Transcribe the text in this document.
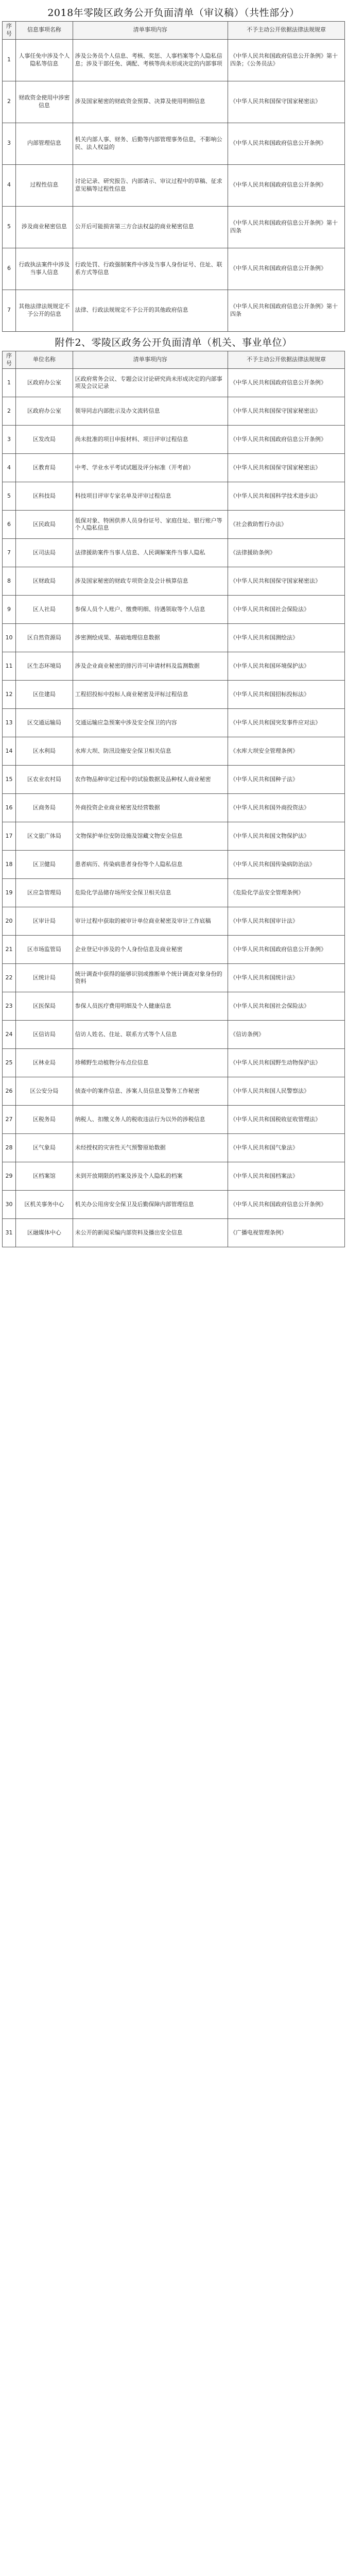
2018年零陵区政务公开负面清单（审议稿）（共性部分）
序号	信息事项名称	清单事项内容	不予主动公开依据法律法规规章
1	人事任免中涉及个人隐私等信息	涉及公务员个人信息、考核、奖惩、人事档案等个人隐私信息；涉及干部任免、调配、考核等尚未形成决定的内部事项	《中华人民共和国政府信息公开条例》第十四条；《公务员法》
2	财政资金使用中涉密信息	涉及国家秘密的财政资金预算、决算及使用明细信息	《中华人民共和国保守国家秘密法》
3	内部管理信息	机关内部人事、财务、后勤等内部管理事务信息，不影响公民、法人权益的	《中华人民共和国政府信息公开条例》
4	过程性信息	讨论记录、研究报告、内部请示、审议过程中的草稿、征求意见稿等过程性信息	《中华人民共和国政府信息公开条例》
5	涉及商业秘密信息	公开后可能损害第三方合法权益的商业秘密信息	《中华人民共和国政府信息公开条例》第十四条
6	行政执法案件中涉及当事人信息	行政处罚、行政强制案件中涉及当事人身份证号、住址、联系方式等信息	《中华人民共和国政府信息公开条例》
7	其他法律法规规定不予公开的信息	法律、行政法规规定不予公开的其他政府信息	《中华人民共和国政府信息公开条例》第十四条
附件2、零陵区政务公开负面清单（机关、事业单位）
序号	单位名称	清单事项内容	不予主动公开依据法律法规规章
1	区政府办公室	区政府常务会议、专题会议讨论研究尚未形成决定的内部事项及会议记录	《中华人民共和国政府信息公开条例》
2	区政府办公室	领导同志内部批示及办文流转信息	《中华人民共和国保守国家秘密法》
3	区发改局	尚未批准的项目申报材料、项目评审过程信息	《中华人民共和国政府信息公开条例》
4	区教育局	中考、学业水平考试试题及评分标准（开考前）	《中华人民共和国保守国家秘密法》
5	区科技局	科技项目评审专家名单及评审过程信息	《中华人民共和国科学技术进步法》
6	区民政局	低保对象、特困供养人员身份证号、家庭住址、银行账户等个人隐私信息	《社会救助暂行办法》
7	区司法局	法律援助案件当事人信息、人民调解案件当事人隐私	《法律援助条例》
8	区财政局	涉及国家秘密的财政专项资金及会计核算信息	《中华人民共和国保守国家秘密法》
9	区人社局	参保人员个人账户、缴费明细、待遇领取等个人信息	《中华人民共和国社会保险法》
10	区自然资源局	涉密测绘成果、基础地理信息数据	《中华人民共和国测绘法》
11	区生态环境局	涉及企业商业秘密的排污许可申请材料及监测数据	《中华人民共和国环境保护法》
12	区住建局	工程招投标中投标人商业秘密及评标过程信息	《中华人民共和国招标投标法》
13	区交通运输局	交通运输应急预案中涉及安全保卫的内容	《中华人民共和国突发事件应对法》
14	区水利局	水库大坝、防汛设施安全保卫相关信息	《水库大坝安全管理条例》
15	区农业农村局	农作物品种审定过程中的试验数据及品种权人商业秘密	《中华人民共和国种子法》
16	区商务局	外商投资企业商业秘密及经营数据	《中华人民共和国外商投资法》
17	区文旅广体局	文物保护单位安防设施及馆藏文物安全信息	《中华人民共和国文物保护法》
18	区卫健局	患者病历、传染病患者身份等个人隐私信息	《中华人民共和国传染病防治法》
19	区应急管理局	危险化学品储存场所安全保卫相关信息	《危险化学品安全管理条例》
20	区审计局	审计过程中获取的被审计单位商业秘密及审计工作底稿	《中华人民共和国审计法》
21	区市场监管局	企业登记中涉及的个人身份信息及商业秘密	《中华人民共和国政府信息公开条例》
22	区统计局	统计调查中获得的能够识别或推断单个统计调查对象身份的资料	《中华人民共和国统计法》
23	区医保局	参保人员医疗费用明细及个人健康信息	《中华人民共和国社会保险法》
24	区信访局	信访人姓名、住址、联系方式等个人信息	《信访条例》
25	区林业局	珍稀野生动植物分布点位信息	《中华人民共和国野生动物保护法》
26	区公安分局	侦查中的案件信息、涉案人员信息及警务工作秘密	《中华人民共和国人民警察法》
27	区税务局	纳税人、扣缴义务人的税收违法行为以外的涉税信息	《中华人民共和国税收征收管理法》
28	区气象局	未经授权的灾害性天气预警原始数据	《中华人民共和国气象法》
29	区档案馆	未到开放期限的档案及涉及个人隐私的档案	《中华人民共和国档案法》
30	区机关事务中心	机关办公用房安全保卫及后勤保障内部管理信息	《中华人民共和国政府信息公开条例》
31	区融媒体中心	未公开的新闻采编内部资料及播出安全信息	《广播电视管理条例》
